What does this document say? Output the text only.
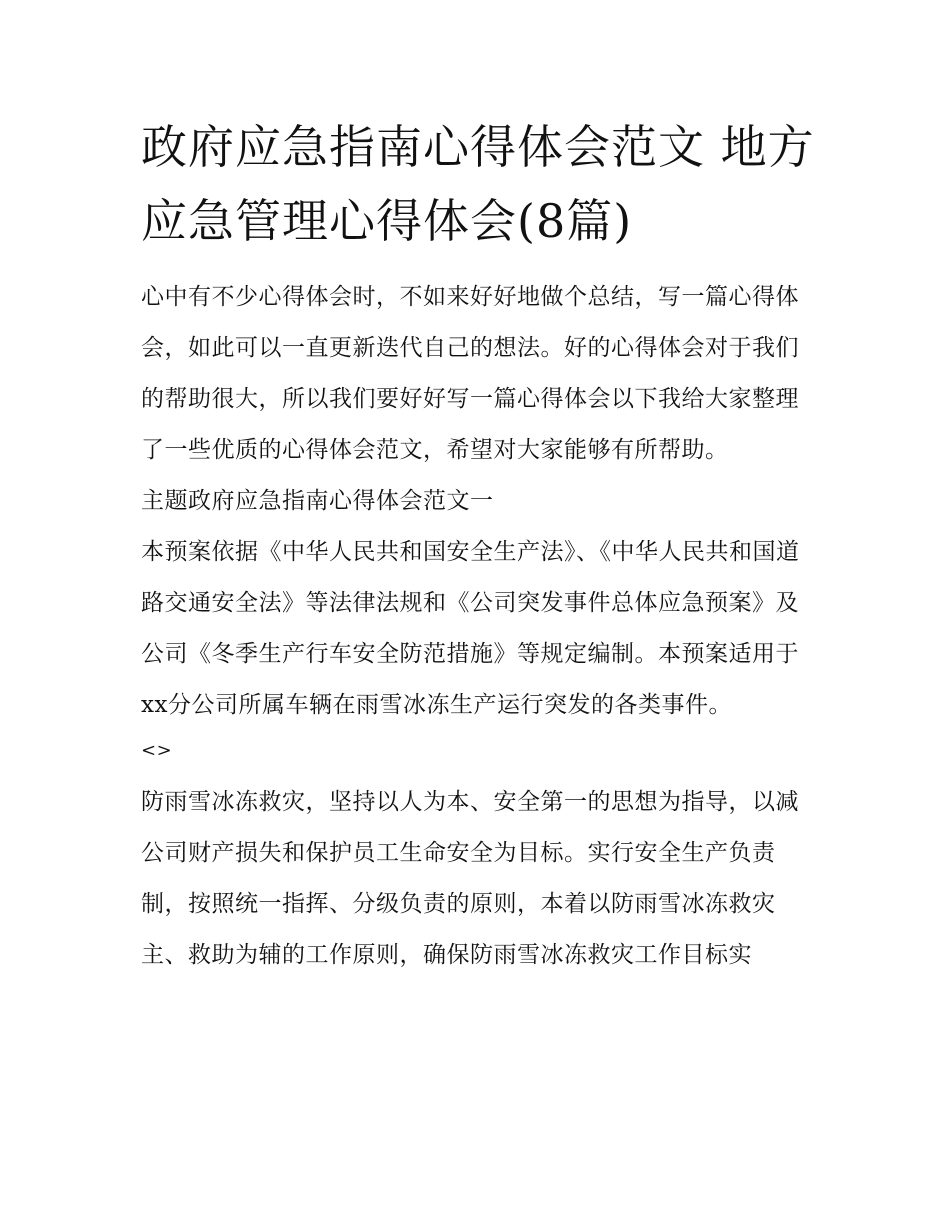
政府应急指南心得体会范文 地方应急管理心得体会(8篇)

心中有不少心得体会时，不如来好好地做个总结，写一篇心得体会，如此可以一直更新迭代自己的想法。好的心得体会对于我们的帮助很大，所以我们要好好写一篇心得体会以下我给大家整理了一些优质的心得体会范文，希望对大家能够有所帮助。

主题政府应急指南心得体会范文一

本预案依据《中华人民共和国安全生产法》、《中华人民共和国道路交通安全法》等法律法规和《公司突发事件总体应急预案》及公司《冬季生产行车安全防范措施》等规定编制。本预案适用于xx分公司所属车辆在雨雪冰冻生产运行突发的各类事件。

<>

防雨雪冰冻救灾，坚持以人为本、安全第一的思想为指导，以减公司财产损失和保护员工生命安全为目标。实行安全生产负责制，按照统一指挥、分级负责的原则，本着以防雨雪冰冻救灾主、救助为辅的工作原则，确保防雨雪冰冻救灾工作目标实
